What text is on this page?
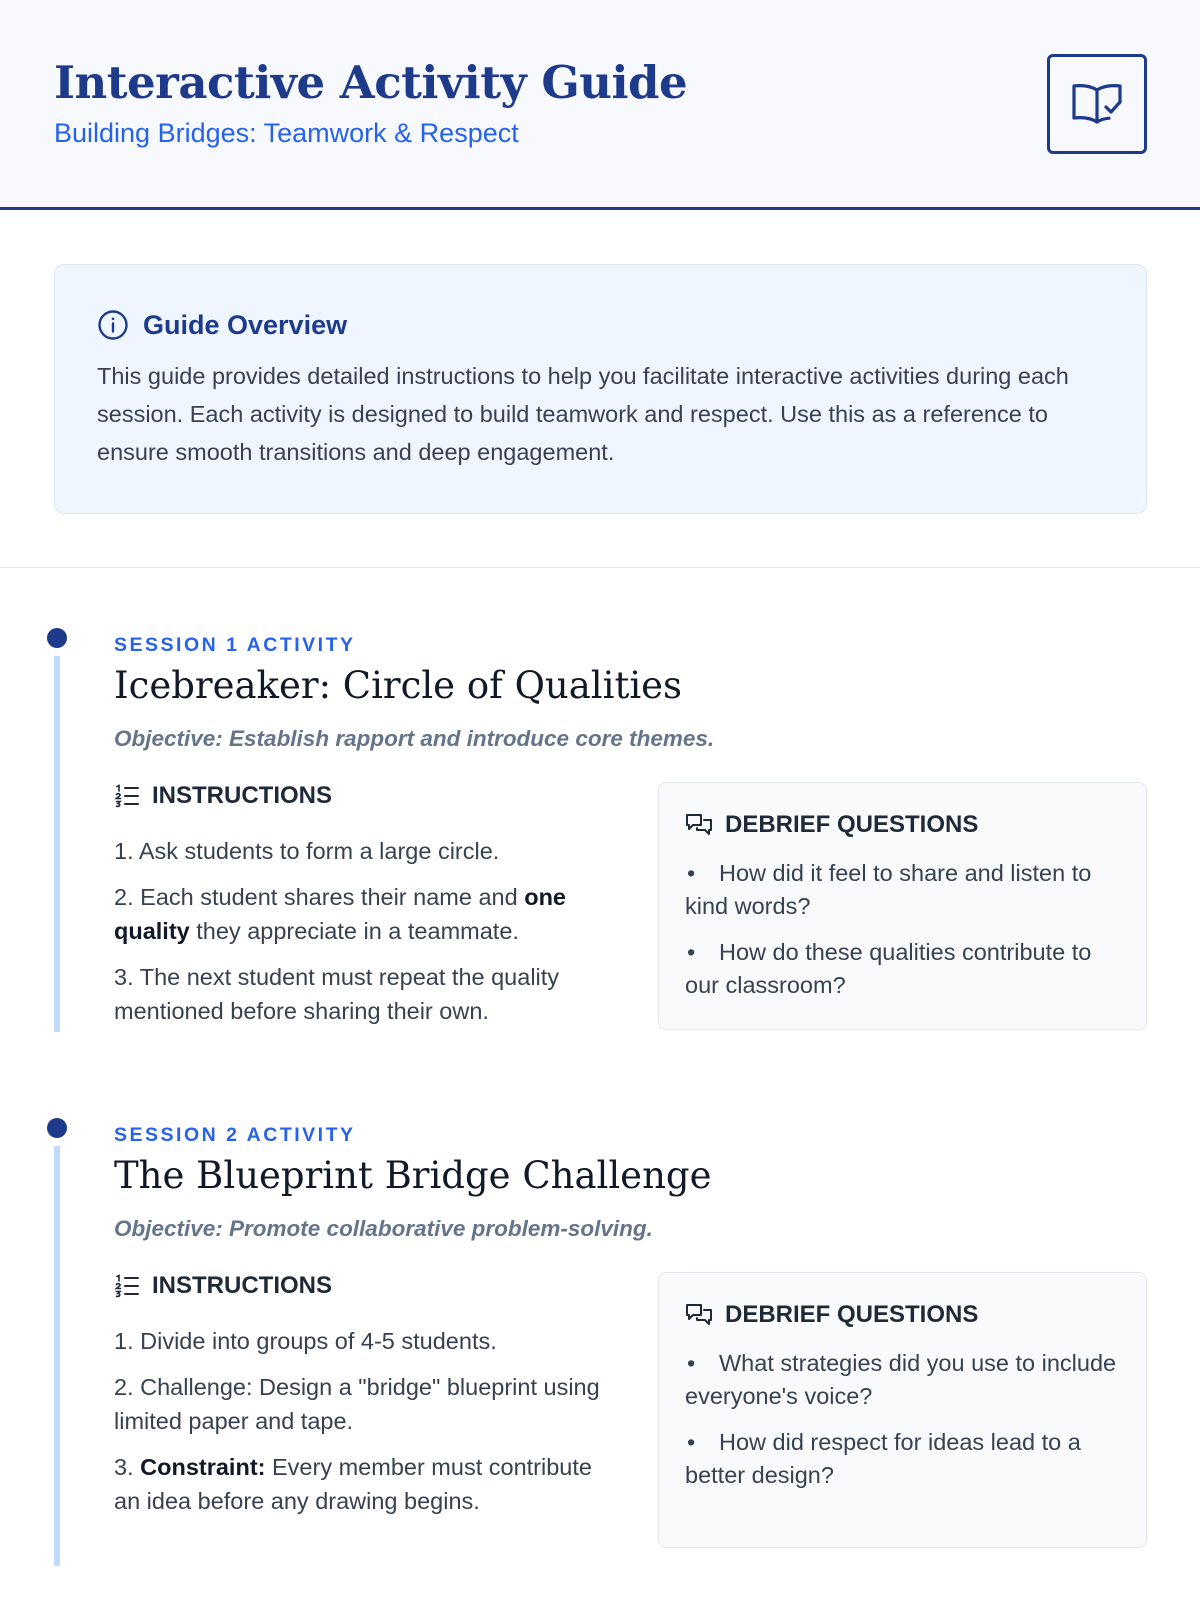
Interactive Activity Guide
Building Bridges: Teamwork & Respect
Guide Overview
This guide provides detailed instructions to help you facilitate interactive activities during each session. Each activity is designed to build teamwork and respect. Use this as a reference to ensure smooth transitions and deep engagement.
SESSION 1 ACTIVITY
Icebreaker: Circle of Qualities
Objective: Establish rapport and introduce core themes.
INSTRUCTIONS
1. Ask students to form a large circle.
2. Each student shares their name and one quality they appreciate in a teammate.
3. The next student must repeat the quality mentioned before sharing their own.
DEBRIEF QUESTIONS
• How did it feel to share and listen to kind words?
• How do these qualities contribute to our classroom?
SESSION 2 ACTIVITY
The Blueprint Bridge Challenge
Objective: Promote collaborative problem-solving.
INSTRUCTIONS
1. Divide into groups of 4-5 students.
2. Challenge: Design a "bridge" blueprint using limited paper and tape.
3. Constraint: Every member must contribute an idea before any drawing begins.
DEBRIEF QUESTIONS
• What strategies did you use to include everyone's voice?
• How did respect for ideas lead to a better design?
